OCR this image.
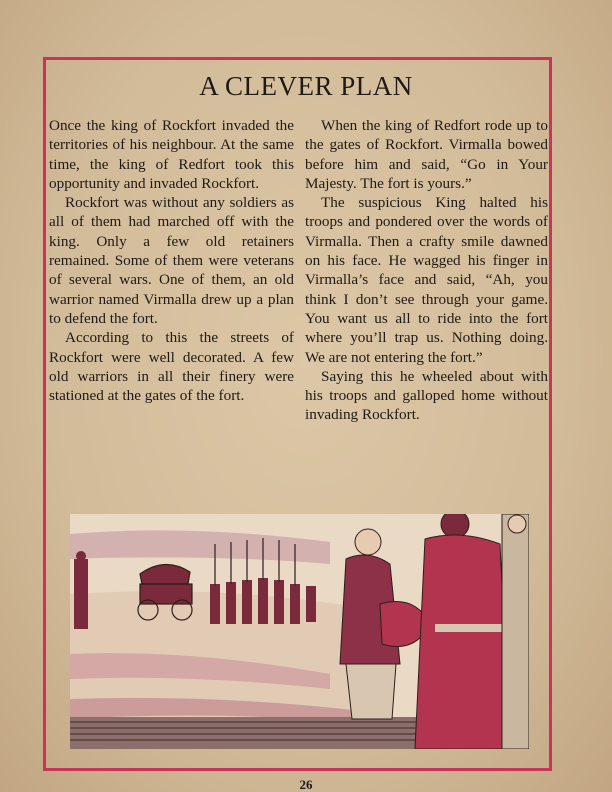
A CLEVER PLAN

Once the king of Rockfort invaded the territories of his neighbour. At the same time, the king of Redfort took this opportunity and invaded Rockfort.

Rockfort was without any soldiers as all of them had marched off with the king. Only a few old retainers remained. Some of them were veterans of several wars. One of them, an old warrior named Virmalla drew up a plan to defend the fort.

According to this the streets of Rockfort were well decorated. A few old warriors in all their finery were stationed at the gates of the fort.

When the king of Redfort rode up to the gates of Rockfort. Virmalla bowed before him and said, “Go in Your Majesty. The fort is yours.”

The suspicious King halted his troops and pondered over the words of Virmalla. Then a crafty smile dawned on his face. He wagged his finger in Virmalla’s face and said, “Ah, you think I don’t see through your game. You want us all to ride into the fort where you’ll trap us. Nothing doing. We are not entering the fort.”

Saying this he wheeled about with his troops and galloped home without invading Rockfort.

26
